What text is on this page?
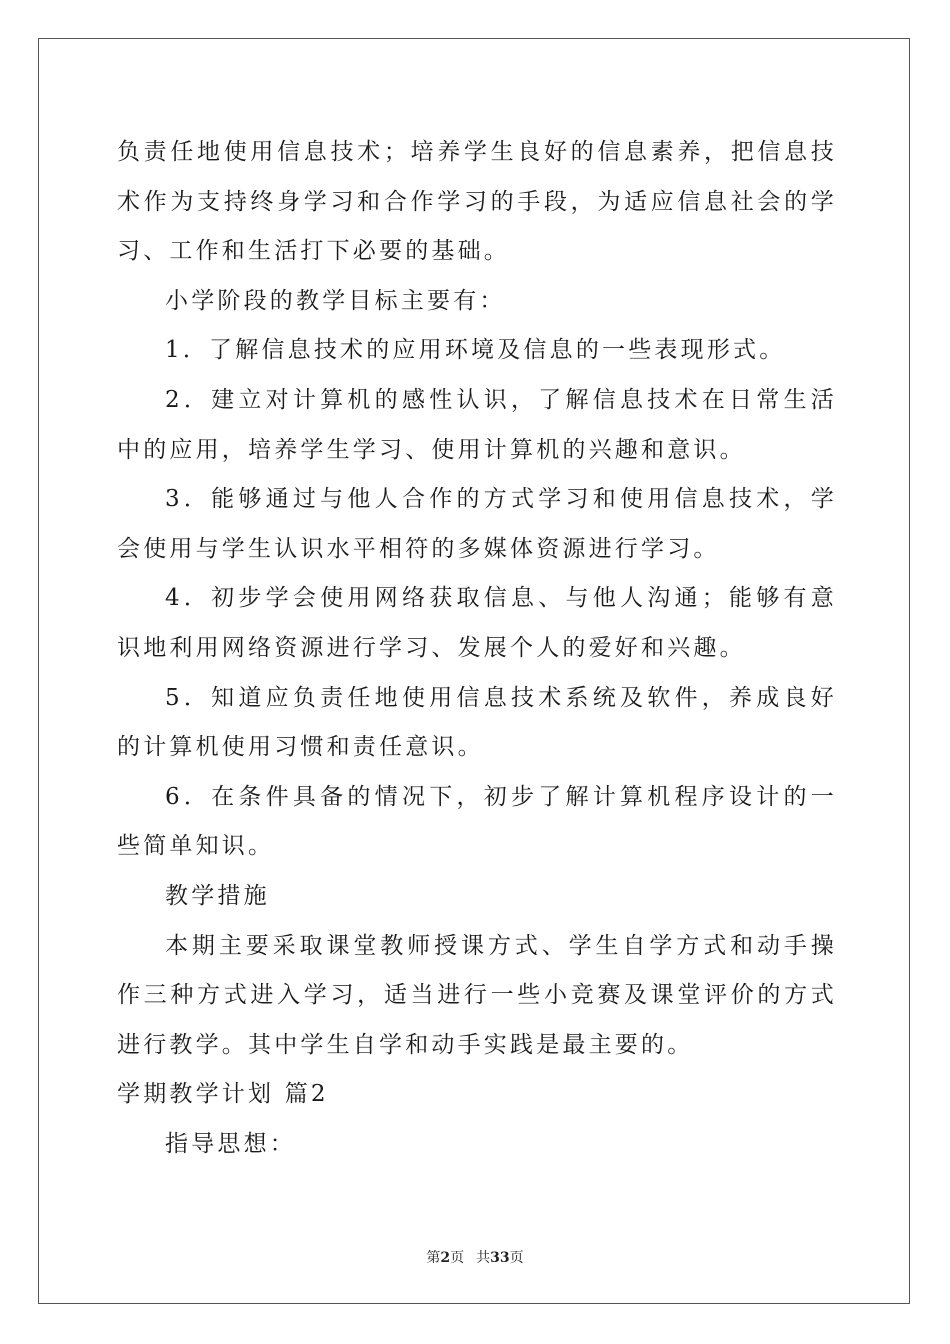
负责任地使用信息技术；培养学生良好的信息素养，把信息技术作为支持终身学习和合作学习的手段，为适应信息社会的学习、工作和生活打下必要的基础。

小学阶段的教学目标主要有：

1．了解信息技术的应用环境及信息的一些表现形式。

2．建立对计算机的感性认识，了解信息技术在日常生活中的应用，培养学生学习、使用计算机的兴趣和意识。

3．能够通过与他人合作的方式学习和使用信息技术，学会使用与学生认识水平相符的多媒体资源进行学习。

4．初步学会使用网络获取信息、与他人沟通；能够有意识地利用网络资源进行学习、发展个人的爱好和兴趣。

5．知道应负责任地使用信息技术系统及软件，养成良好的计算机使用习惯和责任意识。

6．在条件具备的情况下，初步了解计算机程序设计的一些简单知识。

教学措施

本期主要采取课堂教师授课方式、学生自学方式和动手操作三种方式进入学习，适当进行一些小竞赛及课堂评价的方式进行教学。其中学生自学和动手实践是最主要的。

学期教学计划 篇2

指导思想：

第2页 共33页
